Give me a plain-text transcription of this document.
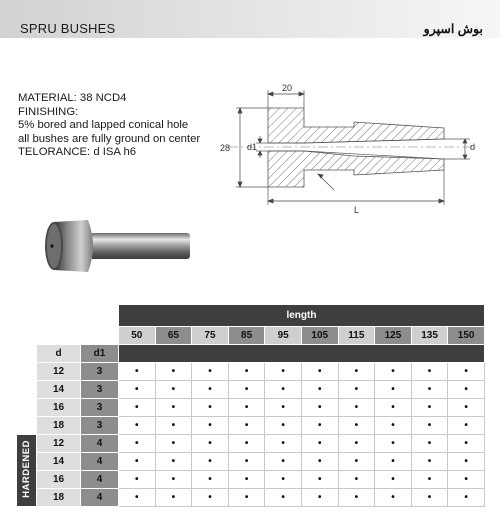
SPRU BUSHES	بوش اسپرو
MATERIAL: 38 NCD4
FINISHING:
5% bored and lapped conical hole
all bushes are fully ground on center
TELORANCE: d ISA h6
20
28 d1	d
L
			length									
			50	65	75	85	95	105	115	125	135	150
	d	d1										
	12	3	•	•	•	•	•	•	•	•	•	•
	14	3	•	•	•	•	•	•	•	•	•	•
	16	3	•	•	•	•	•	•	•	•	•	•
	18	3	•	•	•	•	•	•	•	•	•	•
HARDENED	12	4	•	•	•	•	•	•	•	•	•	•
	14	4	•	•	•	•	•	•	•	•	•	•
	16	4	•	•	•	•	•	•	•	•	•	•
	18	4	•	•	•	•	•	•	•	•	•	•
